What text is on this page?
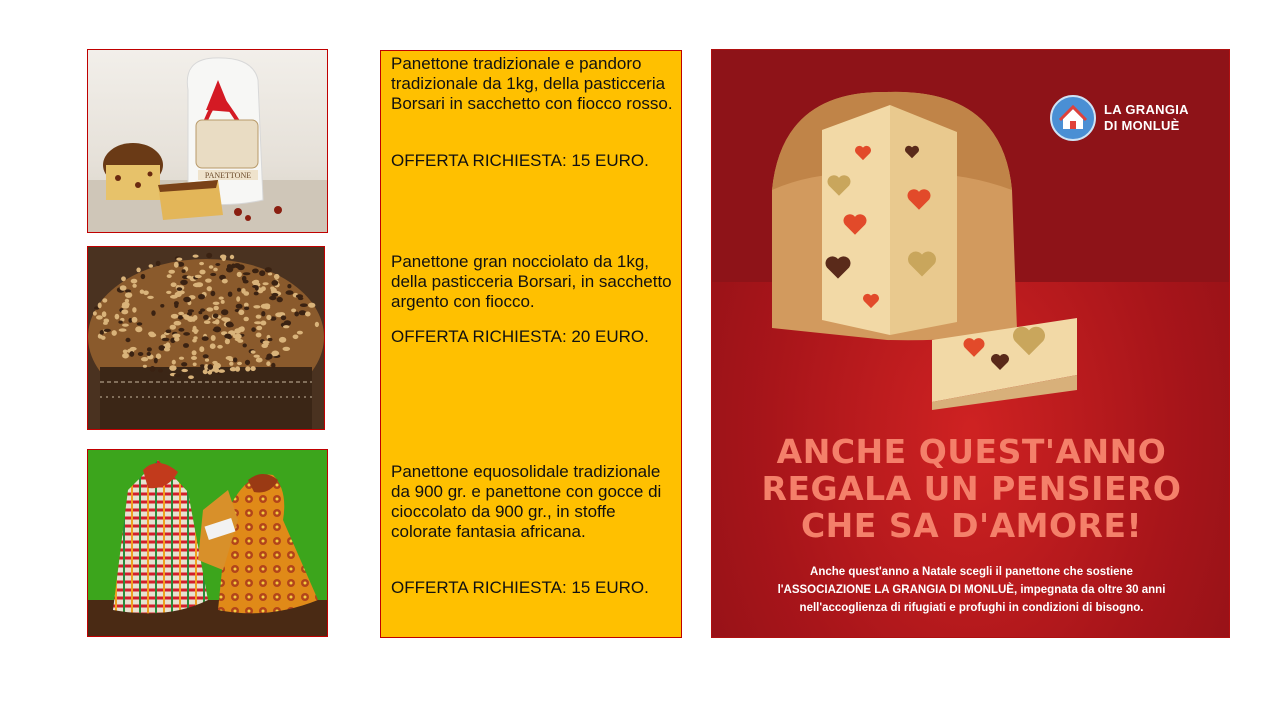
PANETTONE

Panettone tradizionale e pandoro tradizionale da 1kg, della pasticceria Borsari in sacchetto con fiocco rosso.

OFFERTA RICHIESTA: 15 EURO.

Panettone gran nocciolato da 1kg, della pasticceria Borsari, in sacchetto argento con fiocco.

OFFERTA RICHIESTA: 20 EURO.

Panettone equosolidale tradizionale da 900 gr. e panettone con gocce di cioccolato da 900 gr., in stoffe colorate fantasia africana.

OFFERTA RICHIESTA: 15 EURO.

LA GRANGIA
DI MONLUÈ
ANCHE QUEST'ANNO
REGALA UN PENSIERO
CHE SA D'AMORE!

Anche quest'anno a Natale scegli il panettone che sostiene
l'ASSOCIAZIONE LA GRANGIA DI MONLUÈ, impegnata da oltre 30 anni
nell'accoglienza di rifugiati e profughi in condizioni di bisogno.
